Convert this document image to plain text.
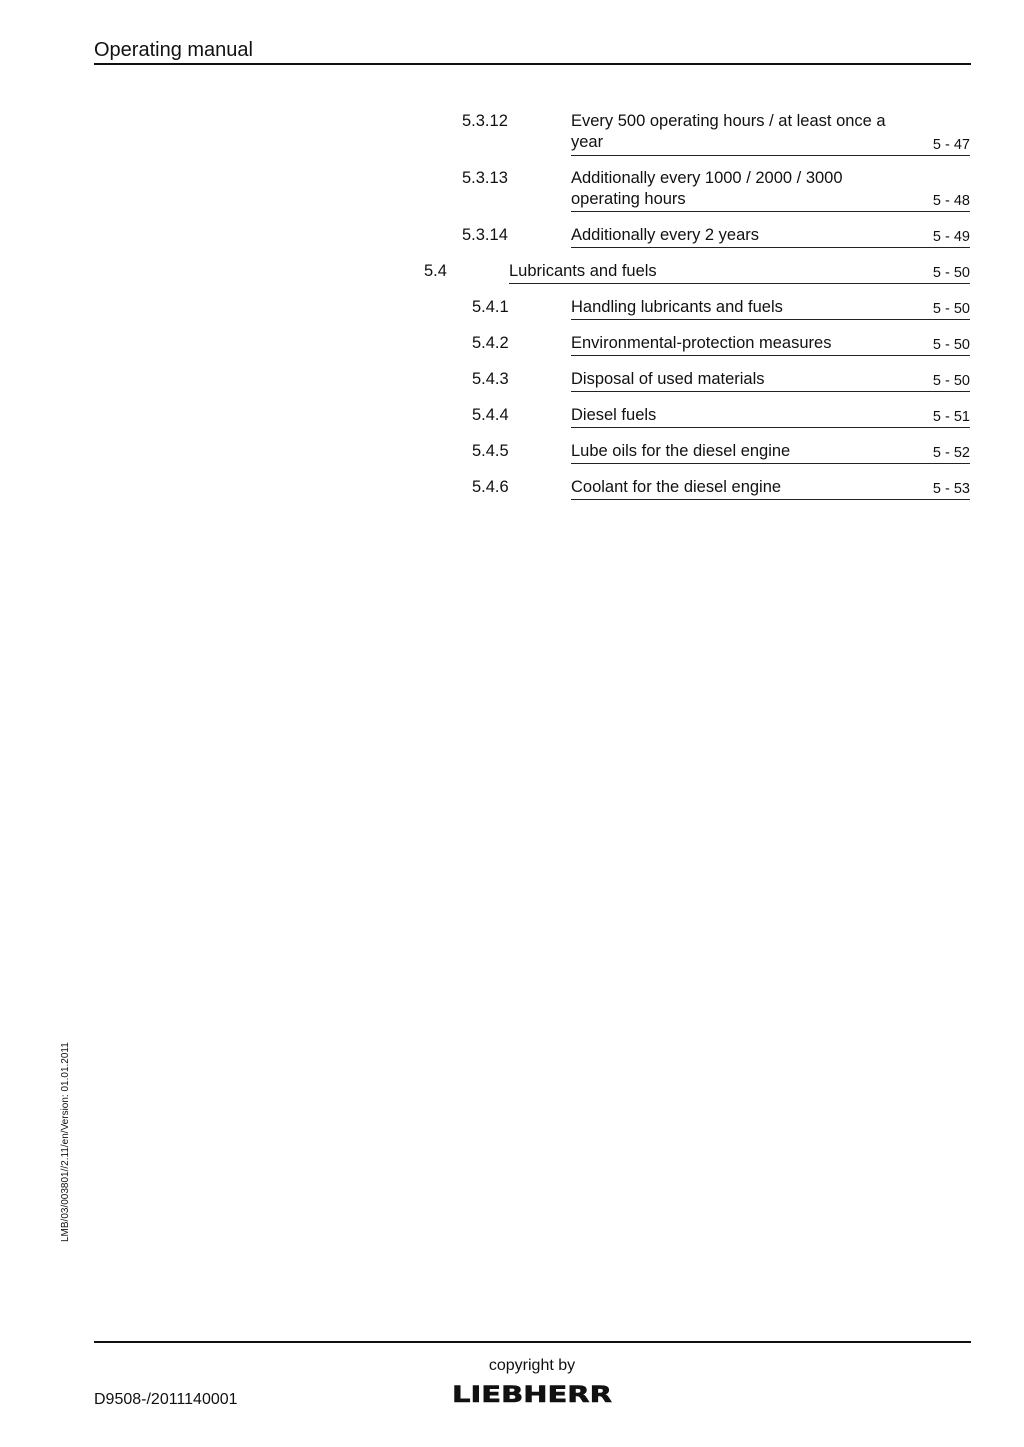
Operating manual
5.3.12	Every 500 operating hours / at least once a year	5 - 47
5.3.13	Additionally every 1000 / 2000 / 3000 operating hours	5 - 48
5.3.14	Additionally every 2 years	5 - 49
5.4	Lubricants and fuels	5 - 50
5.4.1	Handling lubricants and fuels	5 - 50
5.4.2	Environmental-protection measures	5 - 50
5.4.3	Disposal of used materials	5 - 50
5.4.4	Diesel fuels	5 - 51
5.4.5	Lube oils for the diesel engine	5 - 52
5.4.6	Coolant for the diesel engine	5 - 53
LMB/03/003801//2.11/en/Version: 01.01.2011
D9508-/2011140001
copyright by
LIEBHERR
